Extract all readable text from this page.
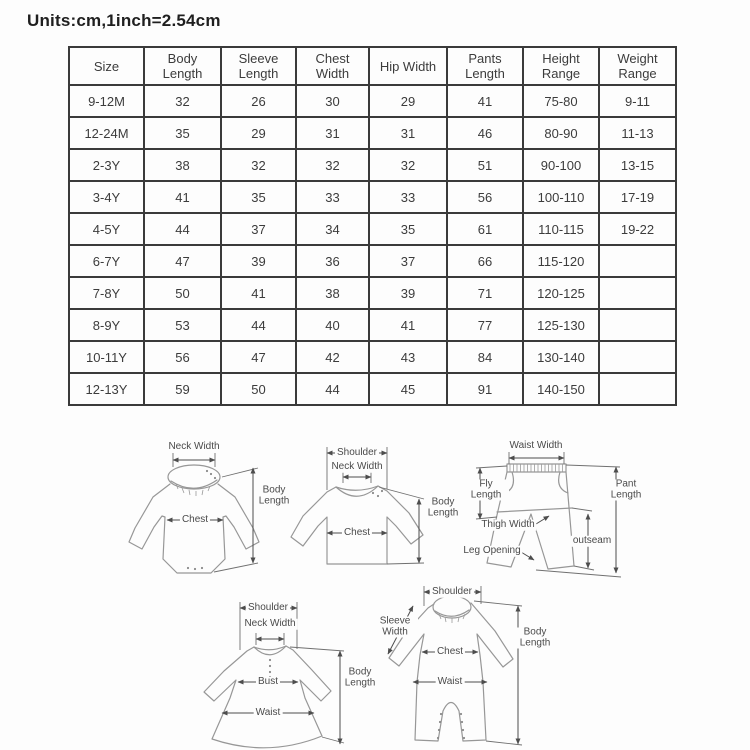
Units:cm,1inch=2.54cm
Size	Body Length	Sleeve Length	Chest Width	Hip Width	Pants Length	Height Range	Weight Range
9-12M	32	26	30	29	41	75-80	9-11
12-24M	35	29	31	31	46	80-90	11-13
2-3Y	38	32	32	32	51	90-100	13-15
3-4Y	41	35	33	33	56	100-110	17-19
4-5Y	44	37	34	35	61	110-115	19-22
6-7Y	47	39	36	37	66	115-120	
7-8Y	50	41	38	39	71	120-125	
8-9Y	53	44	40	41	77	125-130	
10-11Y	56	47	42	43	84	130-140	
12-13Y	59	50	44	45	91	140-150	
Neck Width
Chest
Body Length
Shoulder
Neck Width
Chest
Body Length
Waist Width
Fly Length
Thigh Width
Leg Opening
outseam
Pant Length
Shoulder
Neck Width
Bust
Waist
Body Length
Shoulder
Sleeve Width
Chest
Waist
Body Length
